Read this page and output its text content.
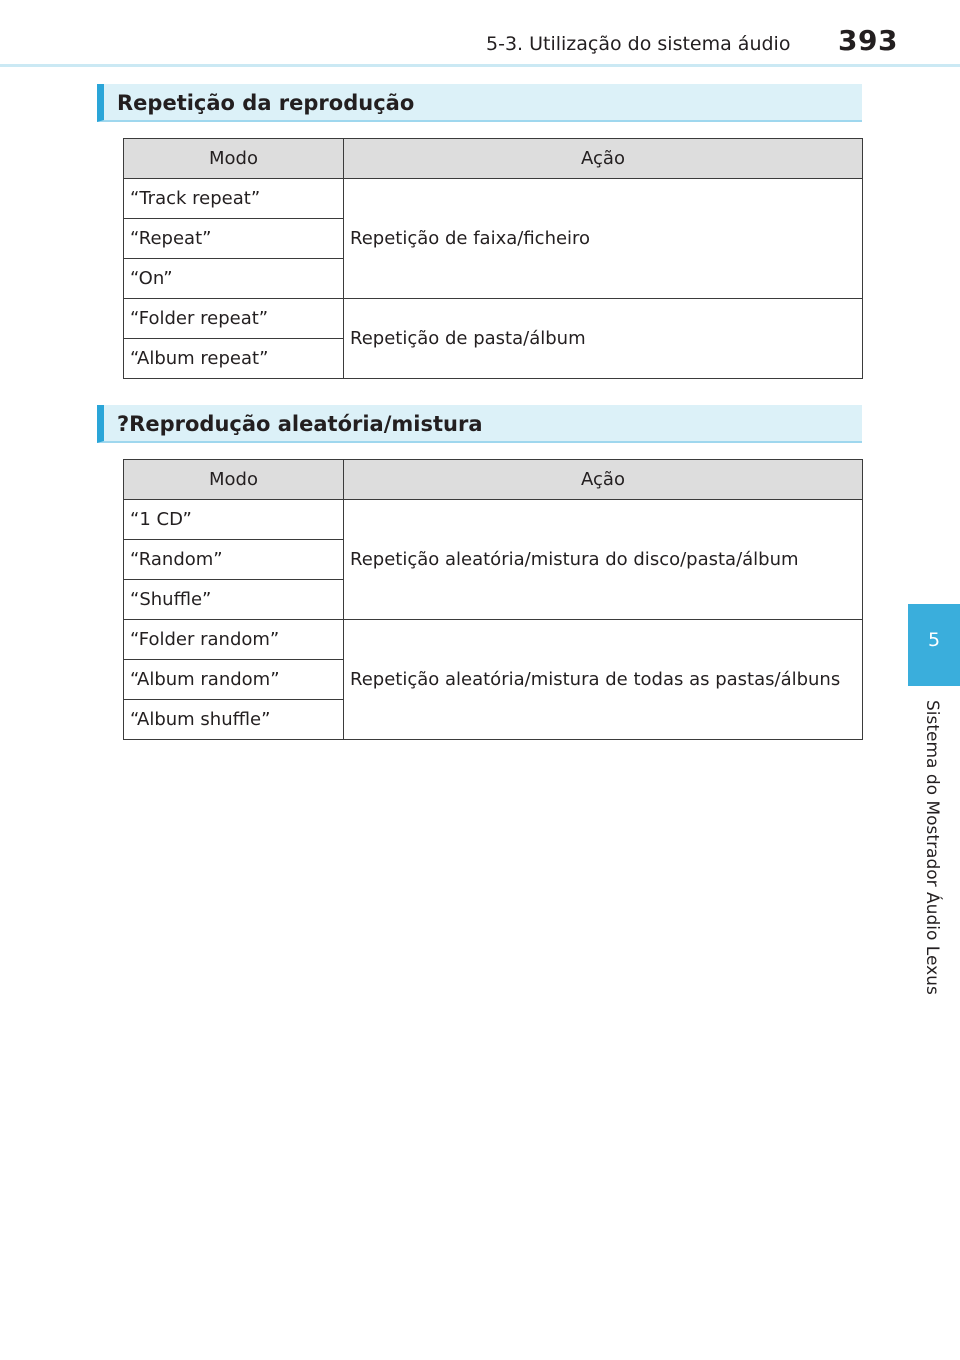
5-3. Utilização do sistema áudio 393
5
Sistema do Mostrador Áudio Lexus
Repetição da reprodução
Modo	Ação
“Track repeat”	Repetição de faixa/ficheiro
“Repeat”	
“On”	
“Folder repeat”	Repetição de pasta/álbum
“Album repeat”	
?Reprodução aleatória/mistura
Modo	Ação
“1 CD”	Repetição aleatória/mistura do disco/pasta/álbum
“Random”	
“Shuffle”	
“Folder random”	Repetição aleatória/mistura de todas as pastas/álbuns
“Album random”	
“Album shuffle”	
